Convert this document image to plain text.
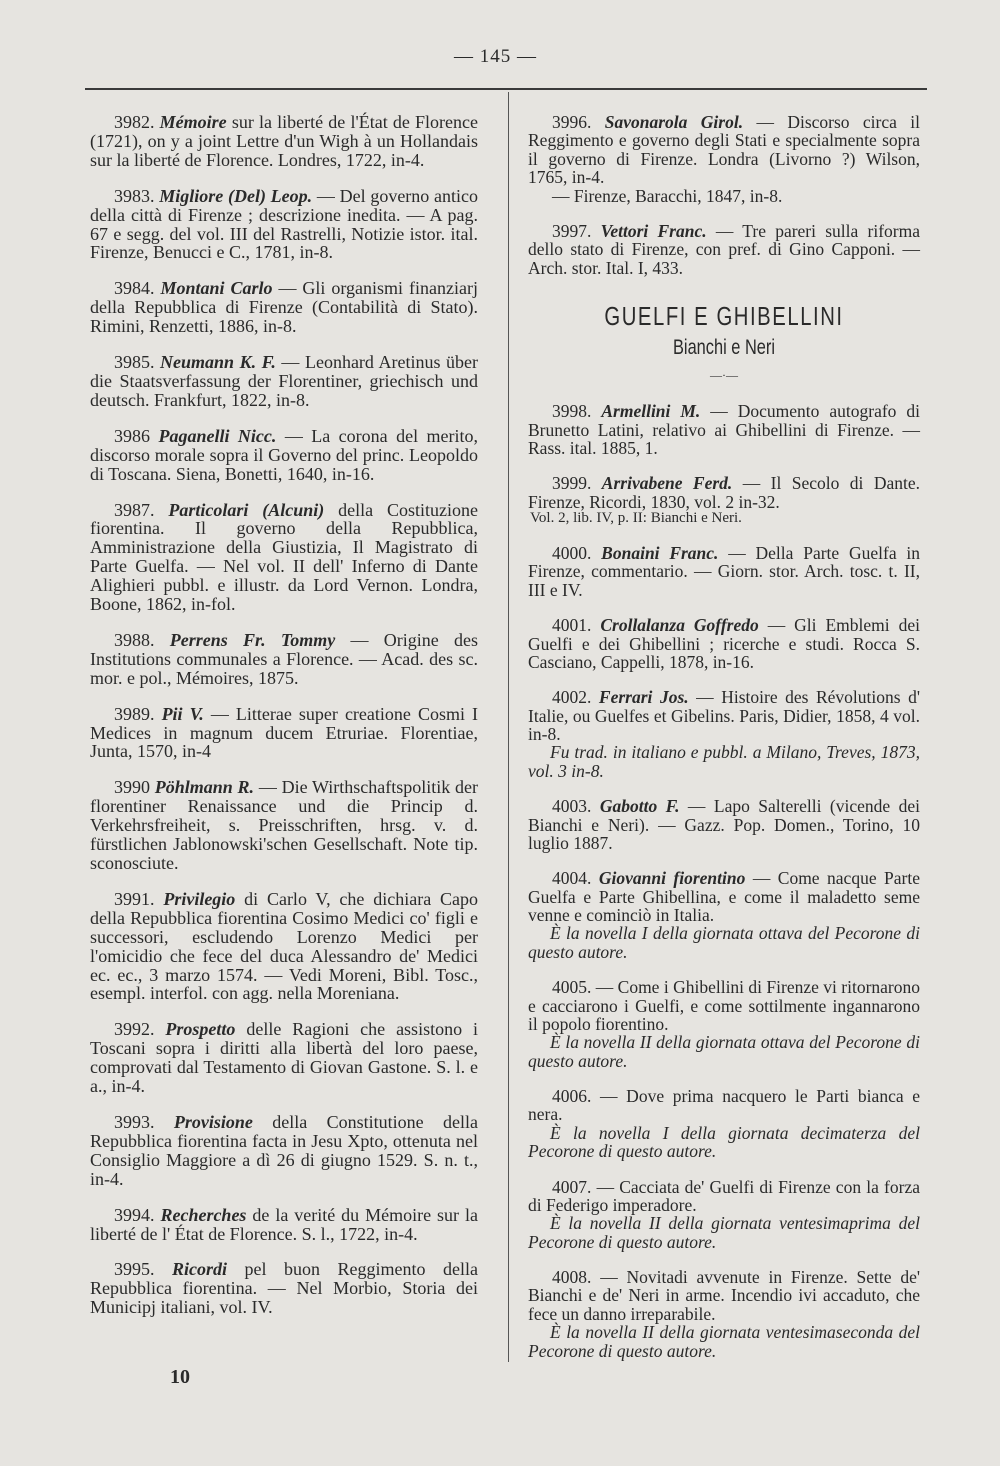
— 145 —
3982. Mémoire sur la liberté de l'État de Florence (1721), on y a joint Lettre d'un Wigh à un Hollandais sur la liberté de Florence. Londres, 1722, in-4.
3983. Migliore (Del) Leop. — Del governo antico della città di Firenze ; descrizione inedita. — A pag. 67 e segg. del vol. III del Rastrelli, Notizie istor. ital. Firenze, Benucci e C., 1781, in-8.
3984. Montani Carlo — Gli organismi finanziarj della Repubblica di Firenze (Contabilità di Stato). Rimini, Renzetti, 1886, in-8.
3985. Neumann K. F. — Leonhard Aretinus über die Staatsverfassung der Florentiner, griechisch und deutsch. Frankfurt, 1822, in-8.
3986 Paganelli Nicc. — La corona del merito, discorso morale sopra il Governo del princ. Leopoldo di Toscana. Siena, Bonetti, 1640, in-16.
3987. Particolari (Alcuni) della Costituzione fiorentina. Il governo della Repubblica, Amministrazione della Giustizia, Il Magistrato di Parte Guelfa. — Nel vol. II dell' Inferno di Dante Alighieri pubbl. e illustr. da Lord Vernon. Londra, Boone, 1862, in-fol.
3988. Perrens Fr. Tommy — Origine des Institutions communales a Florence. — Acad. des sc. mor. e pol., Mémoires, 1875.
3989. Pii V. — Litterae super creatione Cosmi I Medices in magnum ducem Etruriae. Florentiae, Junta, 1570, in-4
3990 Pöhlmann R. — Die Wirthschaftspolitik der florentiner Renaissance und die Princip d. Verkehrsfreiheit, s. Preisschriften, hrsg. v. d. fürstlichen Jablonowski'schen Gesellschaft. Note tip. sconosciute.
3991. Privilegio di Carlo V, che dichiara Capo della Repubblica fiorentina Cosimo Medici co' figli e successori, escludendo Lorenzo Medici per l'omicidio che fece del duca Alessandro de' Medici ec. ec., 3 marzo 1574. — Vedi Moreni, Bibl. Tosc., esempl. interfol. con agg. nella Moreniana.
3992. Prospetto delle Ragioni che assistono i Toscani sopra i diritti alla libertà del loro paese, comprovati dal Testamento di Giovan Gastone. S. l. e a., in-4.
3993. Provisione della Constitutione della Repubblica fiorentina facta in Jesu Xpto, ottenuta nel Consiglio Maggiore a dì 26 di giugno 1529. S. n. t., in-4.
3994. Recherches de la verité du Mémoire sur la liberté de l' État de Florence. S. l., 1722, in-4.
3995. Ricordi pel buon Reggimento della Repubblica fiorentina. — Nel Morbio, Storia dei Municipj italiani, vol. IV.
3996. Savonarola Girol. — Discorso circa il Reggimento e governo degli Stati e specialmente sopra il governo di Firenze. Londra (Livorno ?) Wilson, 1765, in-4.
— Firenze, Baracchi, 1847, in-8.
3997. Vettori Franc. — Tre pareri sulla riforma dello stato di Firenze, con pref. di Gino Capponi. — Arch. stor. Ital. I, 433.
GUELFI E GHIBELLINI
Bianchi e Neri
—·—
3998. Armellini M. — Documento autografo di Brunetto Latini, relativo ai Ghibellini di Firenze. — Rass. ital. 1885, 1.
3999. Arrivabene Ferd. — Il Secolo di Dante. Firenze, Ricordi, 1830, vol. 2 in-32.
Vol. 2, lib. IV, p. II: Bianchi e Neri.
4000. Bonaini Franc. — Della Parte Guelfa in Firenze, commentario. — Giorn. stor. Arch. tosc. t. II, III e IV.
4001. Crollalanza Goffredo — Gli Emblemi dei Guelfi e dei Ghibellini ; ricerche e studi. Rocca S. Casciano, Cappelli, 1878, in-16.
4002. Ferrari Jos. — Histoire des Révolutions d' Italie, ou Guelfes et Gibelins. Paris, Didier, 1858, 4 vol. in-8.
Fu trad. in italiano e pubbl. a Milano, Treves, 1873, vol. 3 in-8.
4003. Gabotto F. — Lapo Salterelli (vicende dei Bianchi e Neri). — Gazz. Pop. Domen., Torino, 10 luglio 1887.
4004. Giovanni fiorentino — Come nacque Parte Guelfa e Parte Ghibellina, e come il maladetto seme venne e cominciò in Italia.
È la novella I della giornata ottava del Pecorone di questo autore.
4005. — Come i Ghibellini di Firenze vi ritornarono e cacciarono i Guelfi, e come sottilmente ingannarono il popolo fiorentino.
È la novella II della giornata ottava del Pecorone di questo autore.
4006. — Dove prima nacquero le Parti bianca e nera.
È la novella I della giornata decimaterza del Pecorone di questo autore.
4007. — Cacciata de' Guelfi di Firenze con la forza di Federigo imperadore.
È la novella II della giornata ventesimaprima del Pecorone di questo autore.
4008. — Novitadi avvenute in Firenze. Sette de' Bianchi e de' Neri in arme. Incendio ivi accaduto, che fece un danno irreparabile.
È la novella II della giornata ventesimaseconda del Pecorone di questo autore.
10
